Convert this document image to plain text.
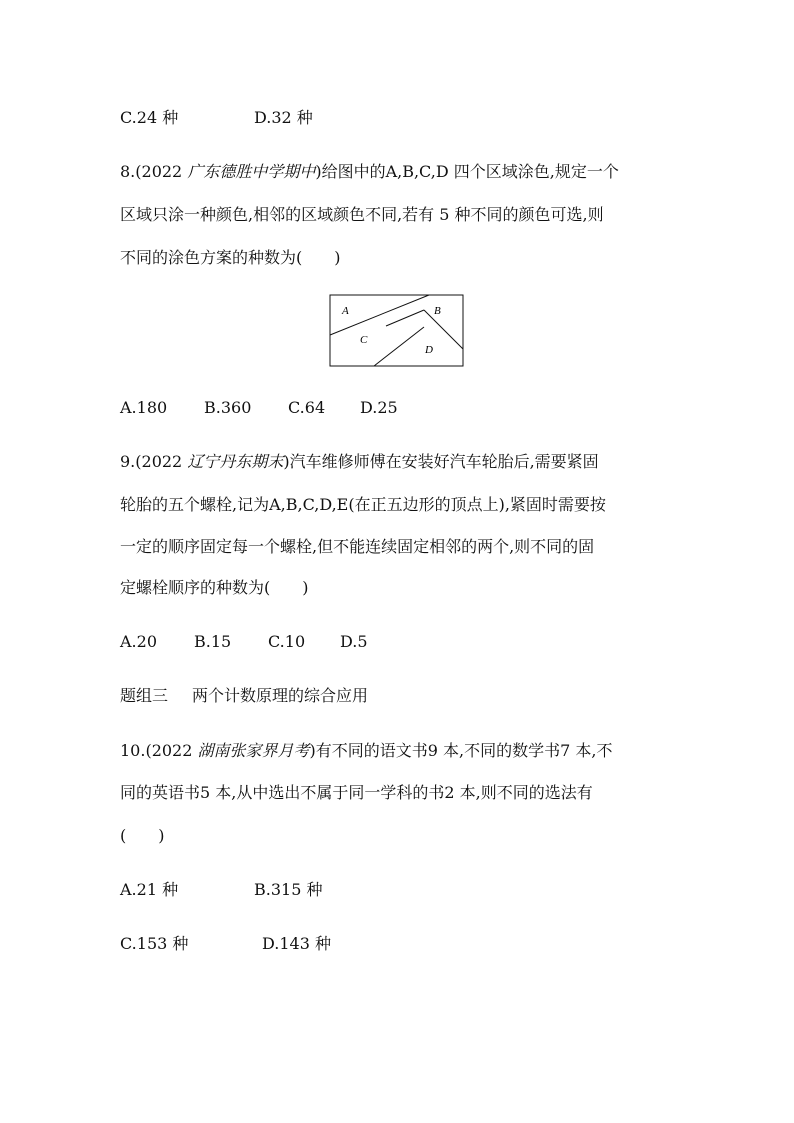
C.24 种	D.32 种
8.(2022 广东德胜中学期中)给图中的A,B,C,D 四个区域涂色,规定一个
区域只涂一种颜色,相邻的区域颜色不同,若有 5 种不同的颜色可选,则
不同的涂色方案的种数为(　　)
A	B
C
D
A.180 B.360 C.64 D.25
9.(2022 辽宁丹东期末)汽车维修师傅在安装好汽车轮胎后,需要紧固
轮胎的五个螺栓,记为A,B,C,D,E(在正五边形的顶点上),紧固时需要按
一定的顺序固定每一个螺栓,但不能连续固定相邻的两个,则不同的固
定螺栓顺序的种数为(　　)
A.20 B.15 C.10 D.5
题组三 两个计数原理的综合应用
10.(2022 湖南张家界月考)有不同的语文书9 本,不同的数学书7 本,不
同的英语书5 本,从中选出不属于同一学科的书2 本,则不同的选法有
(　　)
A.21 种	B.315 种
C.153 种	D.143 种
